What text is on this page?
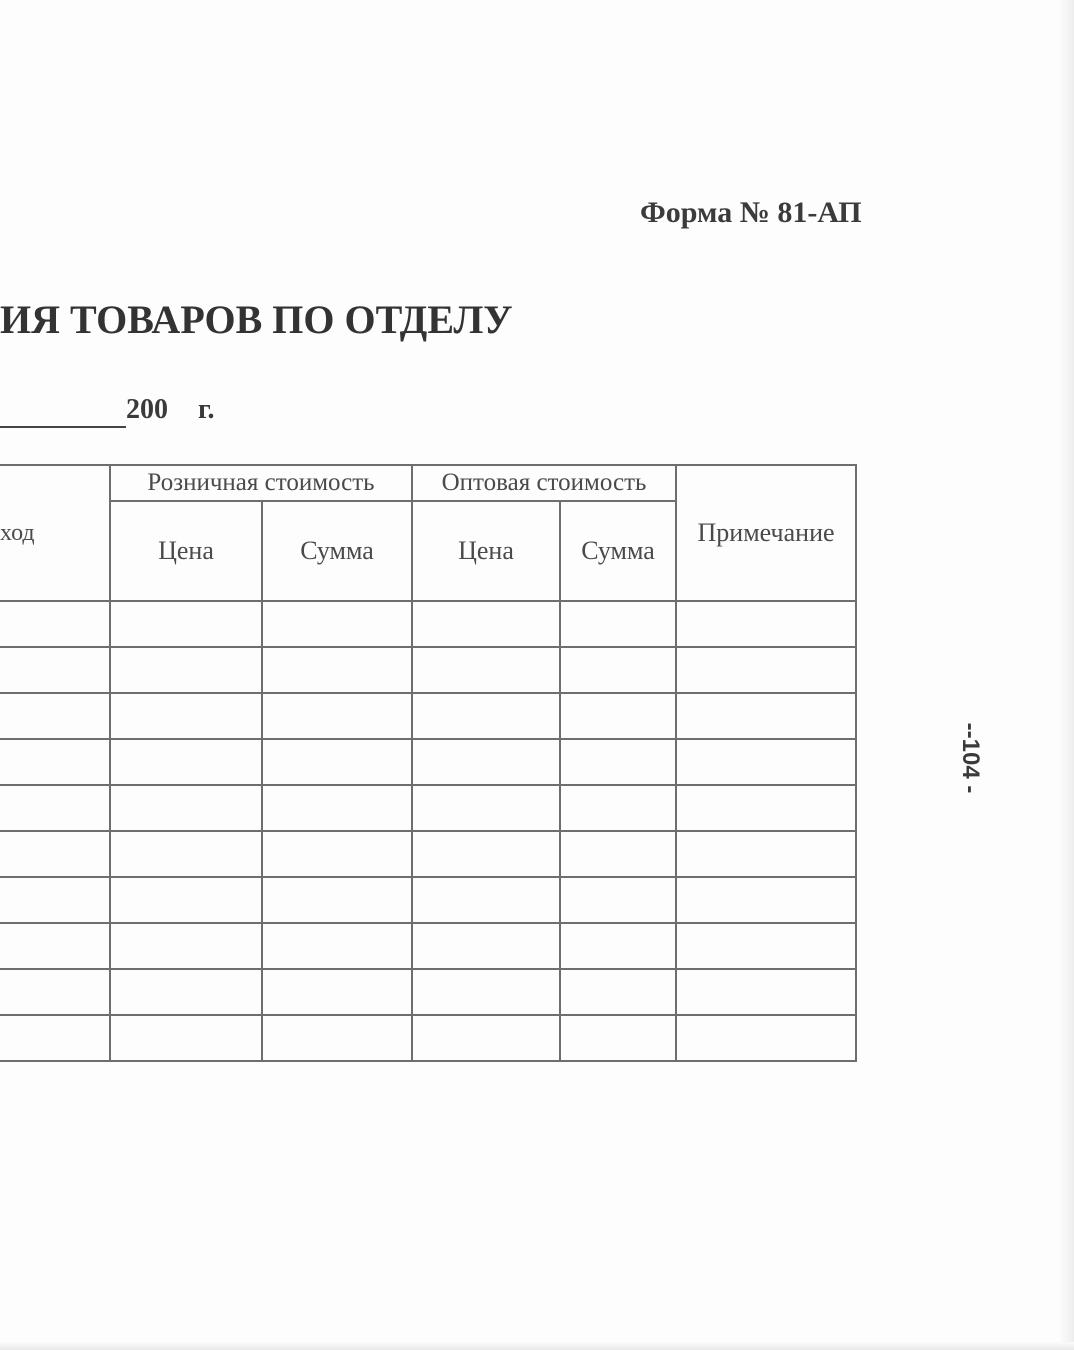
Форма № 81-АП
ИЯ ТОВАРОВ ПО ОТДЕЛУ
200 г.
ход	Розничная стоимость		Оптовая стоимость		Примечание
	Цена	Сумма	Цена	Сумма	

--104 -
